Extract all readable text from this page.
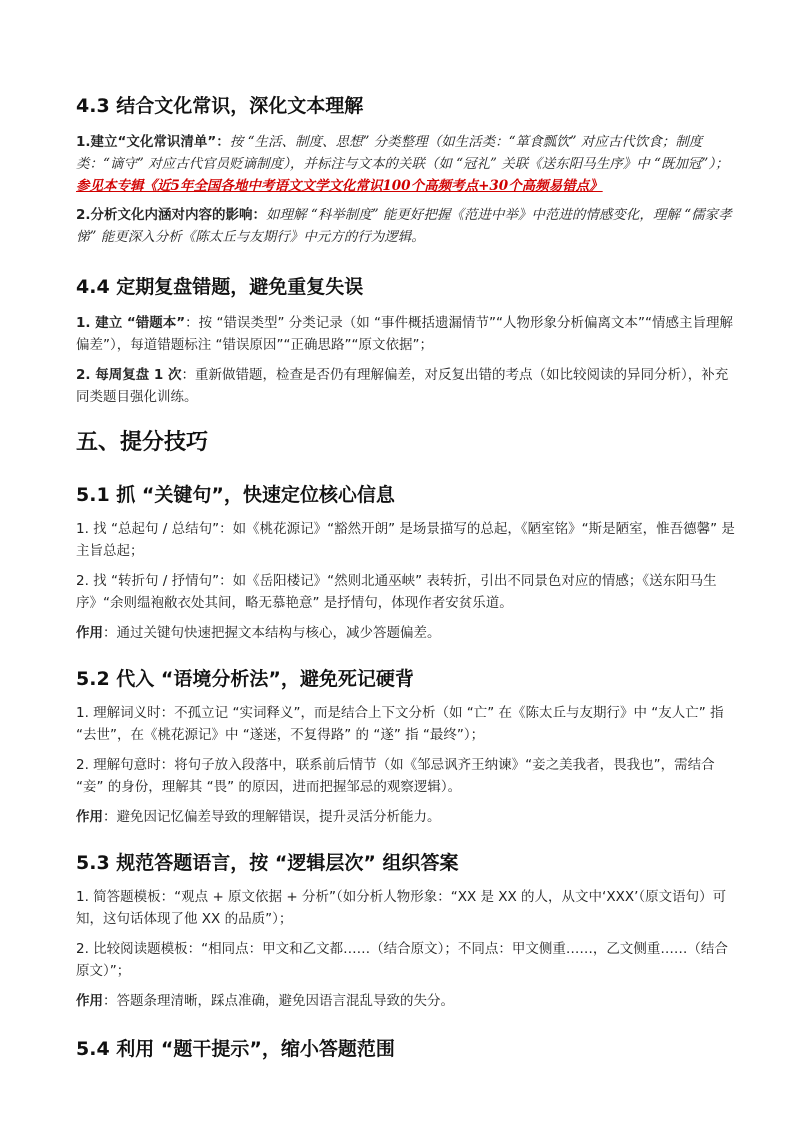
4.3 结合文化常识，深化文本理解

1.建立“文化常识清单”：按 “生活、制度、思想” 分类整理（如生活类：“箪食瓢饮” 对应古代饮食；制度类：“谪守” 对应古代官员贬谪制度），并标注与文本的关联（如 “冠礼” 关联《送东阳马生序》中 “既加冠”）；参见本专辑《近5年全国各地中考语文文学文化常识100个高频考点+30个高频易错点》

2.分析文化内涵对内容的影响：如理解 “科举制度” 能更好把握《范进中举》中范进的情感变化，理解 “儒家孝悌” 能更深入分析《陈太丘与友期行》中元方的行为逻辑。

4.4 定期复盘错题，避免重复失误

1. 建立 “错题本”：按 “错误类型” 分类记录（如 “事件概括遗漏情节”“人物形象分析偏离文本”“情感主旨理解偏差”），每道错题标注 “错误原因”“正确思路”“原文依据”；

2. 每周复盘 1 次：重新做错题，检查是否仍有理解偏差，对反复出错的考点（如比较阅读的异同分析），补充同类题目强化训练。

五、提分技巧
5.1 抓 “关键句”，快速定位核心信息

1. 找 “总起句 / 总结句”：如《桃花源记》“豁然开朗” 是场景描写的总起，《陋室铭》“斯是陋室，惟吾德馨” 是主旨总起；

2. 找 “转折句 / 抒情句”：如《岳阳楼记》“然则北通巫峡” 表转折，引出不同景色对应的情感；《送东阳马生序》“余则缊袍敝衣处其间，略无慕艳意” 是抒情句，体现作者安贫乐道。

作用：通过关键句快速把握文本结构与核心，减少答题偏差。

5.2 代入 “语境分析法”，避免死记硬背

1. 理解词义时：不孤立记 “实词释义”，而是结合上下文分析（如 “亡” 在《陈太丘与友期行》中 “友人亡” 指 “去世”，在《桃花源记》中 “遂迷，不复得路” 的 “遂” 指 “最终”）；

2. 理解句意时：将句子放入段落中，联系前后情节（如《邹忌讽齐王纳谏》“妾之美我者，畏我也”，需结合 “妾” 的身份，理解其 “畏” 的原因，进而把握邹忌的观察逻辑）。

作用：避免因记忆偏差导致的理解错误，提升灵活分析能力。

5.3 规范答题语言，按 “逻辑层次” 组织答案

1. 简答题模板：“观点 + 原文依据 + 分析”（如分析人物形象：“XX 是 XX 的人，从文中‘XXX’（原文语句）可知，这句话体现了他 XX 的品质”）；

2. 比较阅读题模板：“相同点：甲文和乙文都……（结合原文）；不同点：甲文侧重……，乙文侧重……（结合原文）”；

作用：答题条理清晰，踩点准确，避免因语言混乱导致的失分。

5.4 利用 “题干提示”，缩小答题范围
